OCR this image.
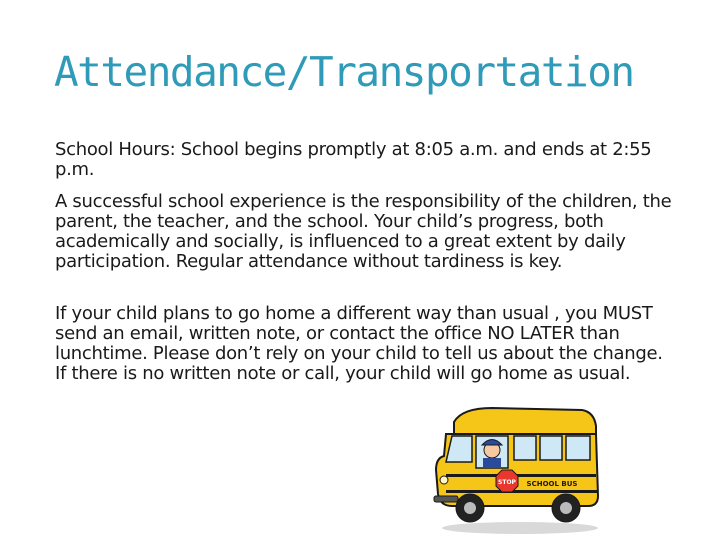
Attendance/Transportation

School Hours: School begins promptly at 8:05 a.m. and ends at 2:55 p.m.

A successful school experience is the responsibility of the children, the parent, the teacher, and the school. Your child’s progress, both academically and socially, is influenced to a great extent by daily participation. Regular attendance without tardiness is key.

If your child plans to go home a different way than usual , you MUST send an email, written note, or contact the office NO LATER than lunchtime. Please don’t rely on your child to tell us about the change. If there is no written note or call, your child will go home as usual.

STOP SCHOOL BUS
